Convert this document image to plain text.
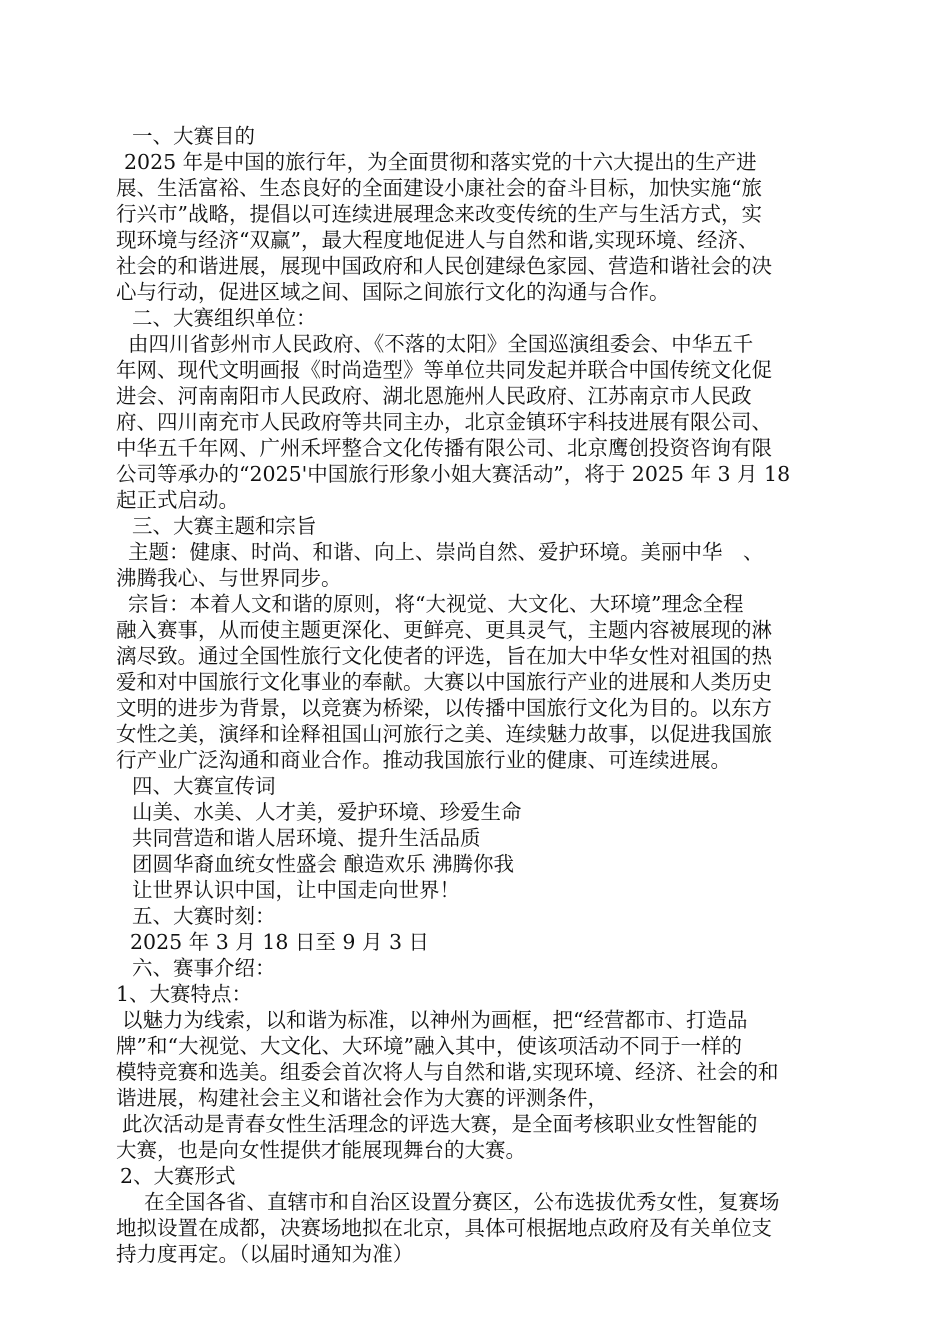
一、大赛目的

2025 年是中国的旅行年，为全面贯彻和落实党的十六大提出的生产进
展、生活富裕、生态良好的全面建设小康社会的奋斗目标，加快实施“旅
行兴市”战略，提倡以可连续进展理念来改变传统的生产与生活方式，实
现环境与经济“双赢”，最大程度地促进人与自然和谐,实现环境、经济、
社会的和谐进展，展现中国政府和人民创建绿色家园、营造和谐社会的决
心与行动，促进区域之间、国际之间旅行文化的沟通与合作。

二、大赛组织单位：

由四川省彭州市人民政府、《不落的太阳》全国巡演组委会、中华五千
年网、现代文明画报《时尚造型》等单位共同发起并联合中国传统文化促
进会、河南南阳市人民政府、湖北恩施州人民政府、江苏南京市人民政
府、四川南充市人民政府等共同主办，北京金镇环宇科技进展有限公司、
中华五千年网、广州禾坪整合文化传播有限公司、北京鹰创投资咨询有限
公司等承办的“2025'中国旅行形象小姐大赛活动”，将于 2025 年 3 月 18
起正式启动。

三、大赛主题和宗旨

主题：健康、时尚、和谐、向上、崇尚自然、爱护环境。美丽中华　、
沸腾我心、与世界同步。

宗旨：本着人文和谐的原则，将“大视觉、大文化、大环境”理念全程
融入赛事，从而使主题更深化、更鲜亮、更具灵气，主题内容被展现的淋
漓尽致。通过全国性旅行文化使者的评选，旨在加大中华女性对祖国的热
爱和对中国旅行文化事业的奉献。大赛以中国旅行产业的进展和人类历史
文明的进步为背景，以竞赛为桥梁，以传播中国旅行文化为目的。以东方
女性之美，演绎和诠释祖国山河旅行之美、连续魅力故事，以促进我国旅
行产业广泛沟通和商业合作。推动我国旅行业的健康、可连续进展。

四、大赛宣传词

山美、水美、人才美，爱护环境、珍爱生命

共同营造和谐人居环境、提升生活品质

团圆华裔血统女性盛会 酿造欢乐 沸腾你我

让世界认识中国，让中国走向世界！

五、大赛时刻：

2025 年 3 月 18 日至 9 月 3 日

六、赛事介绍：

1、大赛特点：

以魅力为线索，以和谐为标准，以神州为画框，把“经营都市、打造品
牌”和“大视觉、大文化、大环境”融入其中，使该项活动不同于一样的
模特竞赛和选美。组委会首次将人与自然和谐,实现环境、经济、社会的和
谐进展，构建社会主义和谐社会作为大赛的评测条件，

此次活动是青春女性生活理念的评选大赛，是全面考核职业女性智能的
大赛，也是向女性提供才能展现舞台的大赛。

2、大赛形式

在全国各省、直辖市和自治区设置分赛区，公布选拔优秀女性，复赛场
地拟设置在成都，决赛场地拟在北京，具体可根据地点政府及有关单位支
持力度再定。（以届时通知为准）
